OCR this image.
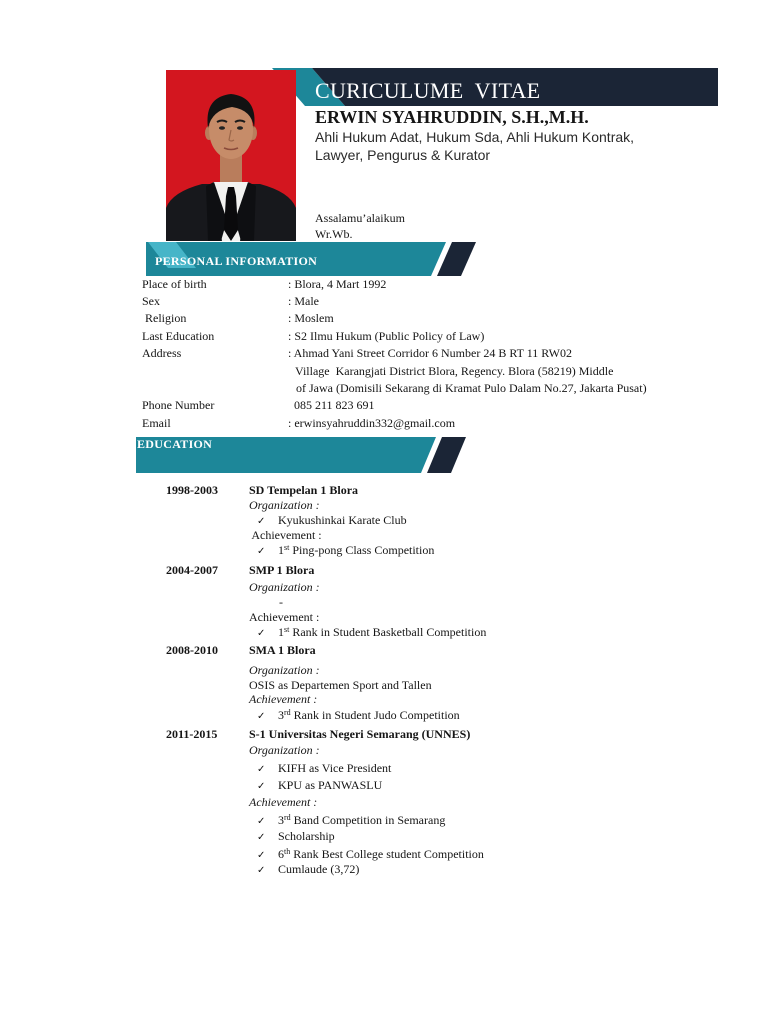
CURICULUME  VITAE
ERWIN SYAHRUDDIN, S.H.,M.H.
Ahli Hukum Adat, Hukum Sda, Ahli Hukum Kontrak,
Lawyer, Pengurus & Kurator
Assalamu’alaikum
Wr.Wb.
PERSONAL INFORMATION
Place of birth	: Blora, 4 Mart 1992
Sex	: Male
Religion	: Moslem
Last Education	: S2 Ilmu Hukum (Public Policy of Law)
Address	: Ahmad Yani Street Corridor 6 Number 24 B RT 11 RW02
Village  Karangjati District Blora, Regency. Blora (58219) Middle
of Jawa (Domisili Sekarang di Kramat Pulo Dalam No.27, Jakarta Pusat)
Phone Number	085 211 823 691
Email	: erwinsyahruddin332@gmail.com
EDUCATION
1998-2003	SD Tempelan 1 Blora
Organization :
✓ Kyukushinkai Karate Club
Achievement :
✓ 1st Ping-pong Class Competition
2004-2007	SMP 1 Blora
Organization :
-
Achievement :
✓ 1st Rank in Student Basketball Competition
2008-2010	SMA 1 Blora
Organization :
OSIS as Departemen Sport and Tallen
Achievement :
✓ 3rd Rank in Student Judo Competition
2011-2015	S-1 Universitas Negeri Semarang (UNNES)
Organization :
✓ KIFH as Vice President
✓ KPU as PANWASLU
Achievement :
✓ 3rd Band Competition in Semarang
✓ Scholarship
✓ 6th Rank Best College student Competition
✓ Cumlaude (3,72)
